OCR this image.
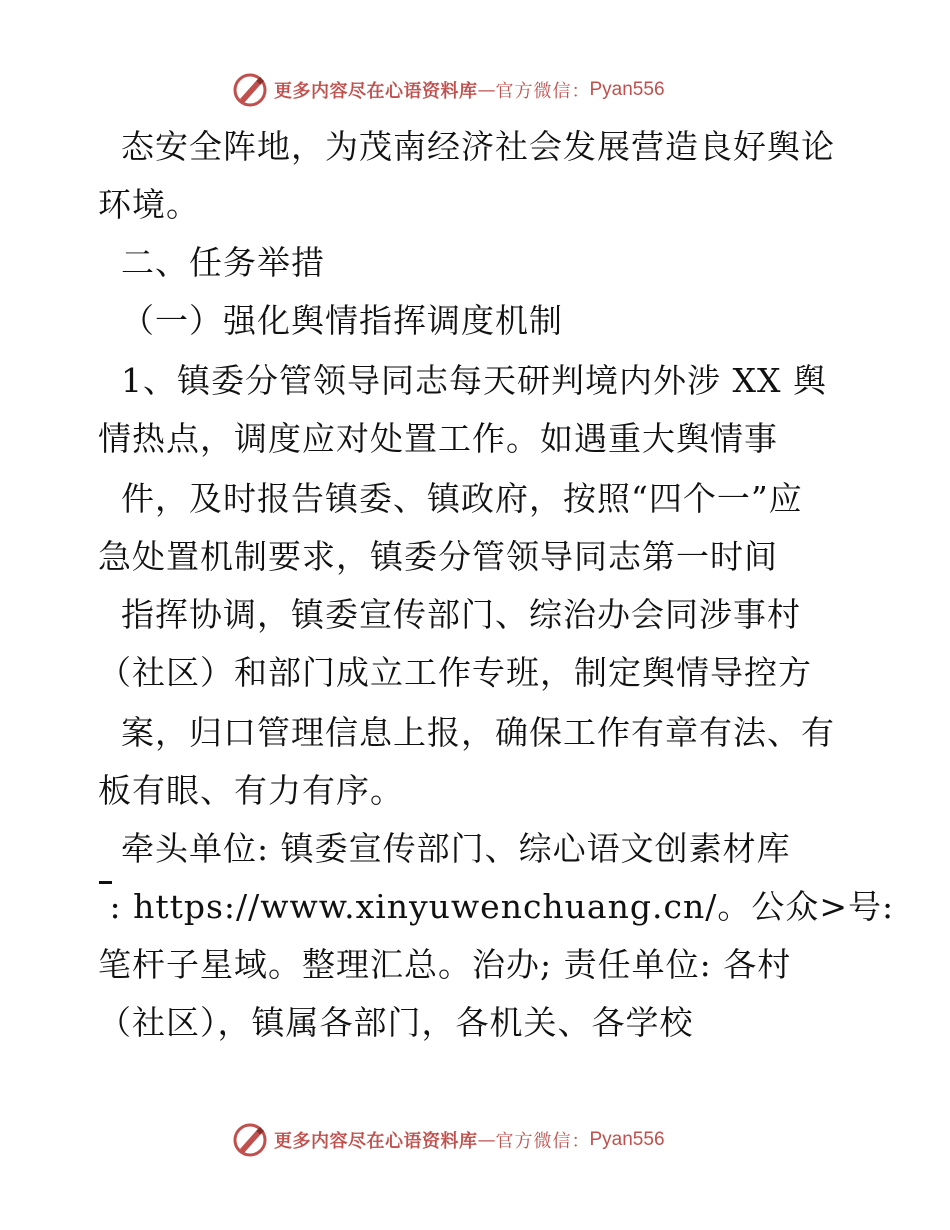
更多内容尽在心语资料库 — 官方微信 ： Pyan556
态安全阵地，为茂南经济社会发展营造良好舆论
环境。
二、任务举措
（一）强化舆情指挥调度机制
1、镇委分管领导同志每天研判境内外涉 XX 舆
情热点，调度应对处置工作。如遇重大舆情事
件，及时报告镇委、镇政府，按照“四个一”应
急处置机制要求，镇委分管领导同志第一时间
指挥协调，镇委宣传部门、综治办会同涉事村
（社区）和部门成立工作专班，制定舆情导控方
案，归口管理信息上报，确保工作有章有法、有
板有眼、有力有序。
牵头单位: 镇委宣传部门、综心语文创素材库
: https://www.xinyuwenchuang.cn/。公众>号:
笔杆子星域。整理汇总。治办; 责任单位: 各村
（社区），镇属各部门，各机关、各学校
更多内容尽在心语资料库 — 官方微信 ： Pyan556
